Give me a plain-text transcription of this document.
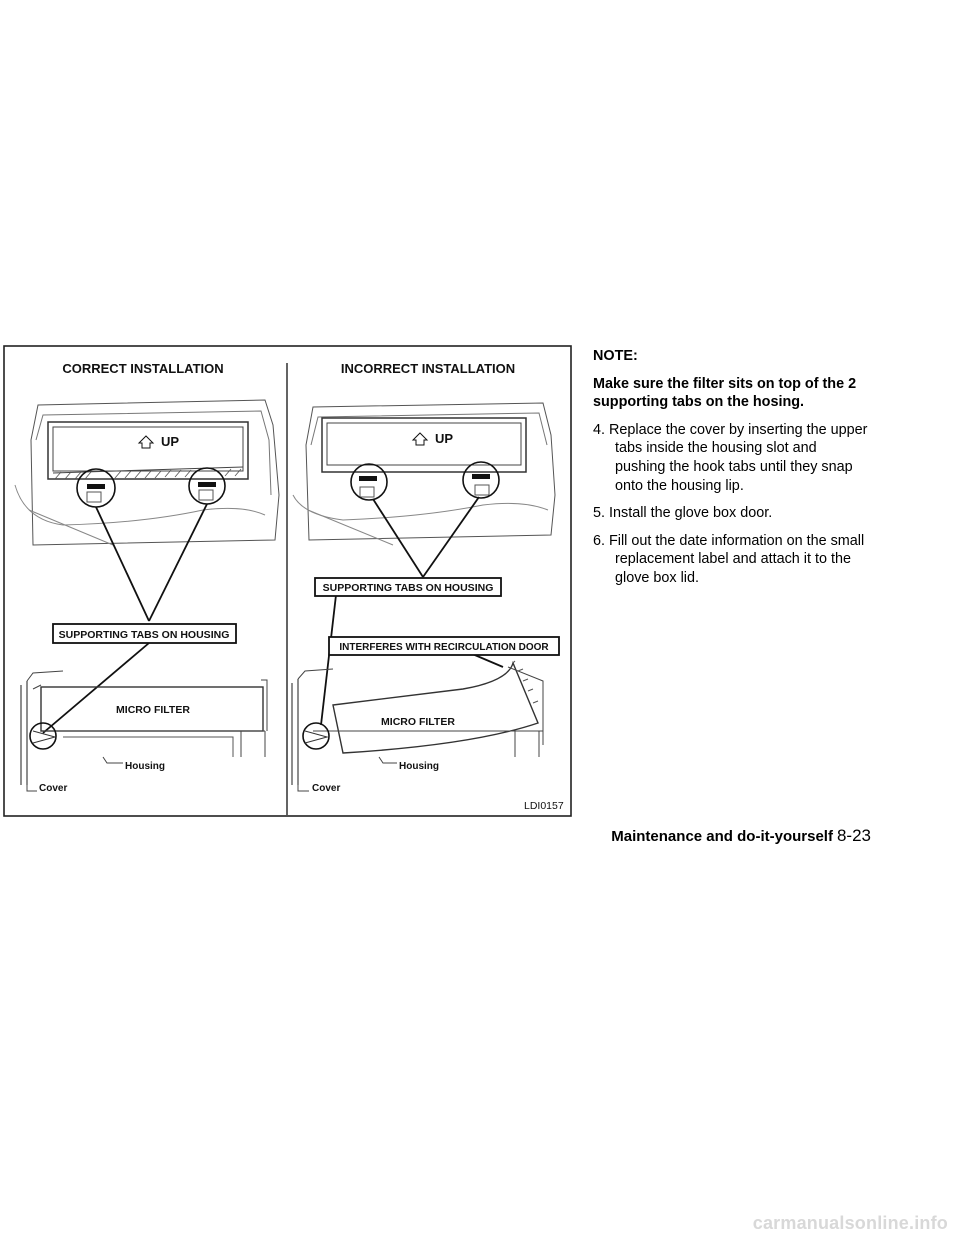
CORRECT INSTALLATION	INCORRECT INSTALLATION
SUPPORTING TABS ON HOUSING
UP
MICRO FILTER
Housing
Cover
SUPPORTING TABS ON HOUSING
INTERFERES WITH RECIRCULATION DOOR
UP
MICRO FILTER
Housing
Cover
LDI0157

NOTE:

Make sure the filter sits on top of the 2 supporting tabs on the hosing.

4. Replace the cover by inserting the upper tabs inside the housing slot and pushing the hook tabs until they snap onto the housing lip.

5. Install the glove box door.

6. Fill out the date information on the small replacement label and attach it to the glove box lid.

Maintenance and do-it-yourself 8-23
carmanualsonline.info
